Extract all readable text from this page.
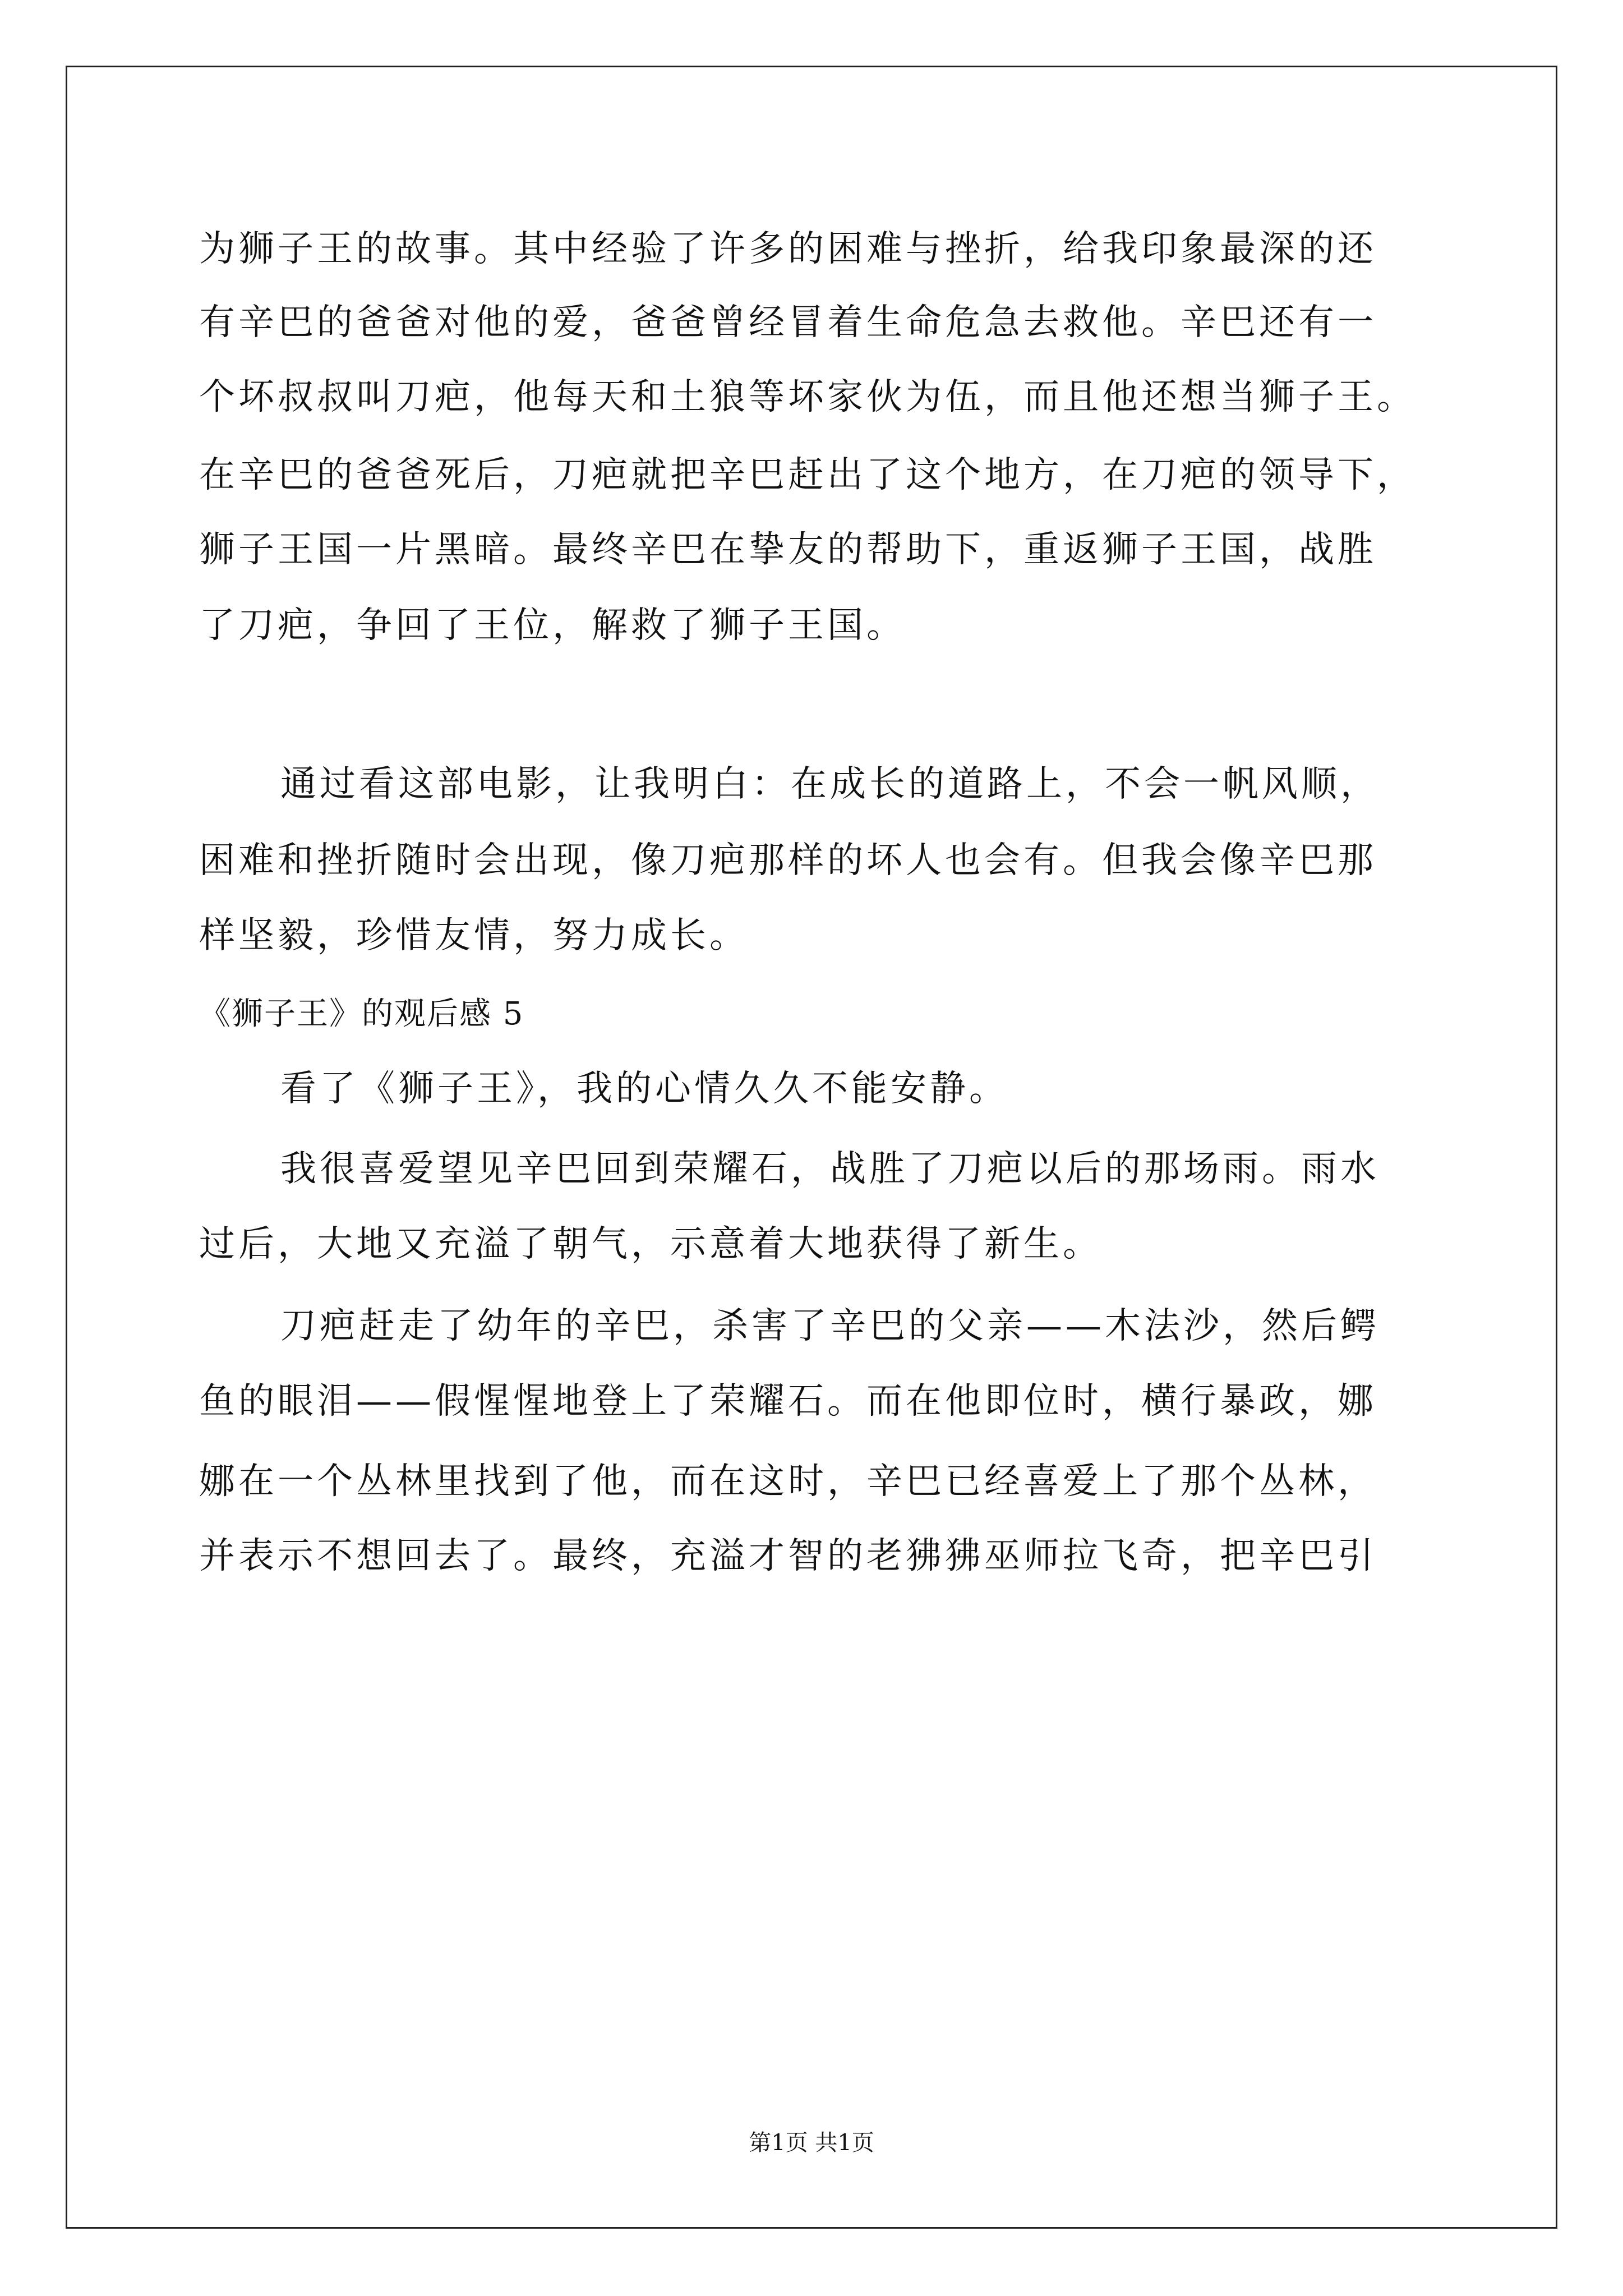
为狮子王的故事。其中经验了许多的困难与挫折，给我印象最深的还
有辛巴的爸爸对他的爱，爸爸曾经冒着生命危急去救他。辛巴还有一
个坏叔叔叫刀疤，他每天和土狼等坏家伙为伍，而且他还想当狮子王。
在辛巴的爸爸死后，刀疤就把辛巴赶出了这个地方，在刀疤的领导下，
狮子王国一片黑暗。最终辛巴在挚友的帮助下，重返狮子王国，战胜
了刀疤，争回了王位，解救了狮子王国。
通过看这部电影，让我明白：在成长的道路上，不会一帆风顺，
困难和挫折随时会出现，像刀疤那样的坏人也会有。但我会像辛巴那
样坚毅，珍惜友情，努力成长。
《狮子王》的观后感 5
看了《狮子王》，我的心情久久不能安静。
我很喜爱望见辛巴回到荣耀石，战胜了刀疤以后的那场雨。雨水
过后，大地又充溢了朝气，示意着大地获得了新生。
刀疤赶走了幼年的辛巴，杀害了辛巴的父亲——木法沙，然后鳄
鱼的眼泪——假惺惺地登上了荣耀石。而在他即位时，横行暴政，娜
娜在一个丛林里找到了他，而在这时，辛巴已经喜爱上了那个丛林，
并表示不想回去了。最终，充溢才智的老狒狒巫师拉飞奇，把辛巴引
第1页 共1页
